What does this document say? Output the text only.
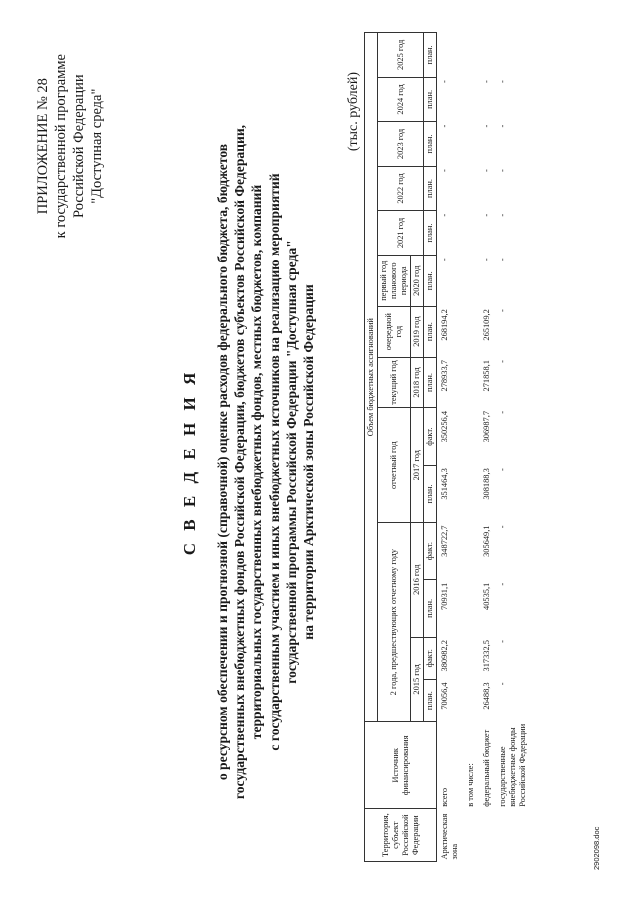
ПРИЛОЖЕНИЕ № 28 к государственной программе Российской Федерации "Доступная среда"
С В Е Д Е Н И Я о ресурсном обеспечении и прогнозной (справочной) оценке расходов федерального бюджета, бюджетов государственных внебюджетных фондов Российской Федерации, бюджетов субъектов Российской Федерации, территориальных государственных внебюджетных фондов, местных бюджетов, компаний с государственным участием и иных внебюджетных источников на реализацию мероприятий государственной программы Российской Федерации "Доступная среда" на территории Арктической зоны Российской Федерации
(тыс. рублей)
Территория, субъект Российской Федерации	Источник финансирования	Объем бюджетных ассигнований													
		2 года, предшествующих отчетному году				отчетный год		текущий год	очередной год	первый год планового периода	2021 год	2022 год	2023 год	2024 год	2025 год
		2015 год		2016 год		2017 год		2018 год	2019 год	2020 год					
		план.	факт.	план.	факт.	план.	факт.	план.	план.	план.	план.	план.	план.	план.	план.
Арктическая зона	всего	70056,4	380982,2	70931,1	348722,7	351464,3	350256,4	278933,7	268194,2	-	-	-	-	-	
	в том числе:														
	федеральный бюджет	26488,3	317332,5	40535,1	305649,1	308188,3	306987,7	271858,1	265109,2	-	-	-	-	-	
	государственные внебюджетные фонды Российской Федерации	-	-	-	-	-	-	-	-	-	-	-	-	-	
2902098.doc
